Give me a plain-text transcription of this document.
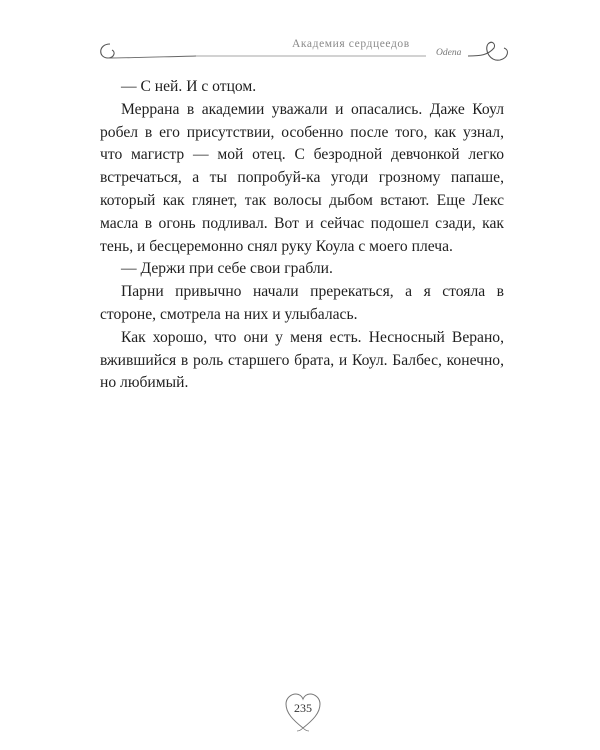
Академия сердцеедов
Odena

— С ней. И с отцом.

Меррана в академии уважали и опасались. Даже Коул робел в его присутствии, особенно после того, как узнал, что магистр — мой отец. С безродной девчонкой легко встречаться, а ты попробуй-ка угоди грозному папаше, который как глянет, так волосы дыбом встают. Еще Лекс масла в огонь подливал. Вот и сейчас подошел сзади, как тень, и бесцеремонно снял руку Коула с моего плеча.

— Держи при себе свои грабли.

Парни привычно начали пререкаться, а я стояла в стороне, смотрела на них и улыбалась.

Как хорошо, что они у меня есть. Несносный Верано, вжившийся в роль старшего брата, и Коул. Балбес, конечно, но любимый.

235
